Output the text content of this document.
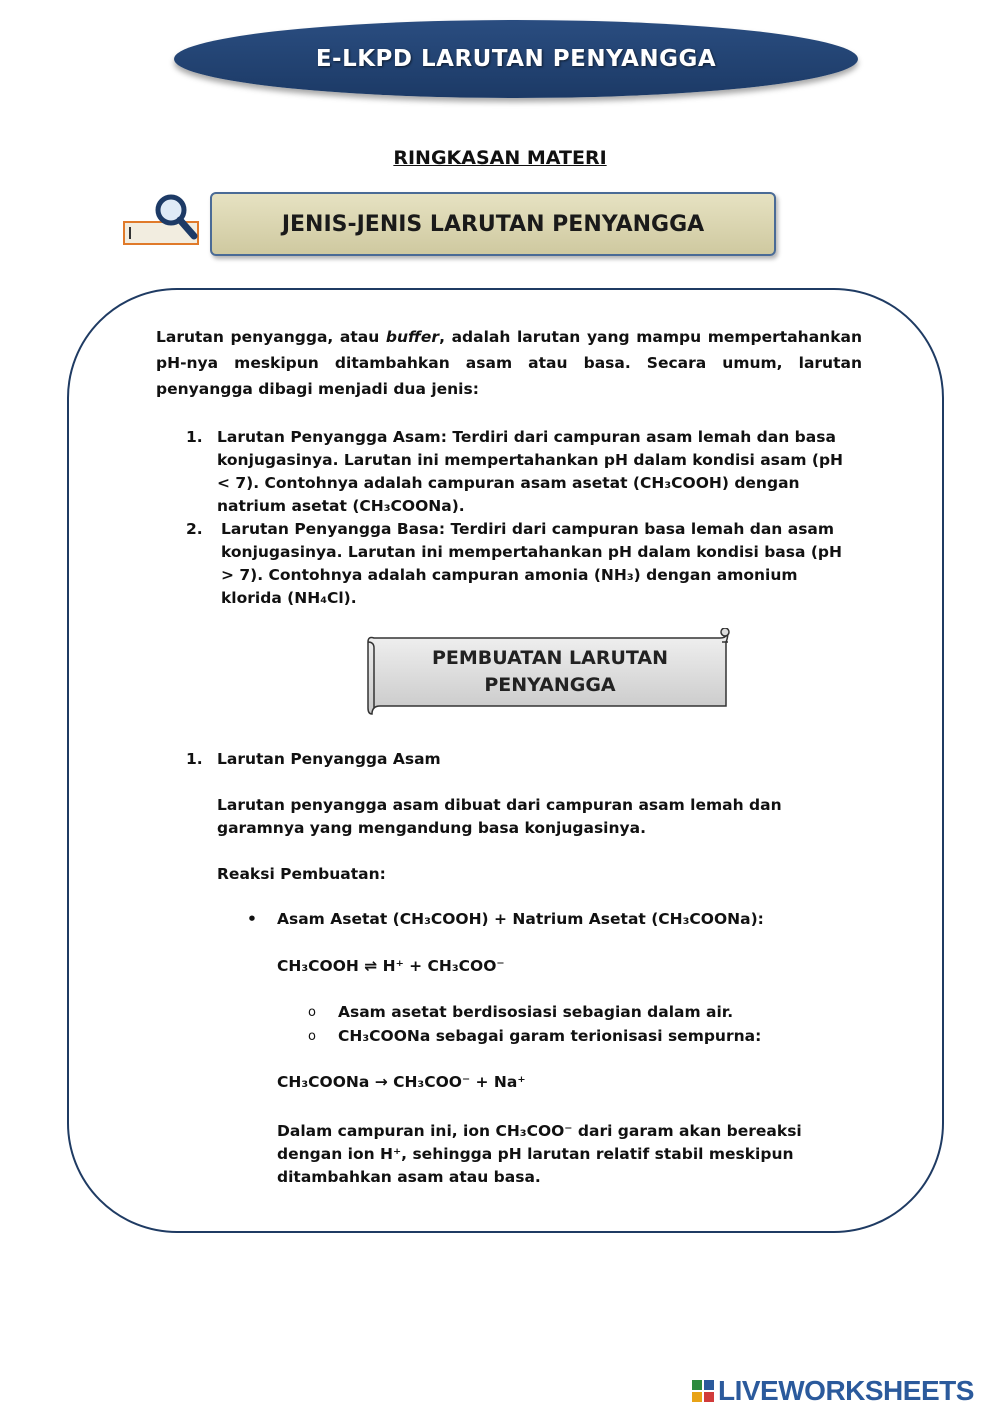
E-LKPD LARUTAN PENYANGGA
RINGKASAN MATERI
JENIS-JENIS LARUTAN PENYANGGA
Larutan penyangga, atau buffer, adalah larutan yang mampu mempertahankan pH-nya meskipun ditambahkan asam atau basa. Secara umum, larutan penyangga dibagi menjadi dua jenis:
1. Larutan Penyangga Asam: Terdiri dari campuran asam lemah dan basa konjugasinya. Larutan ini mempertahankan pH dalam kondisi asam (pH < 7). Contohnya adalah campuran asam asetat (CH₃COOH) dengan natrium asetat (CH₃COONa).
2. Larutan Penyangga Basa: Terdiri dari campuran basa lemah dan asam konjugasinya. Larutan ini mempertahankan pH dalam kondisi basa (pH > 7). Contohnya adalah campuran amonia (NH₃) dengan amonium klorida (NH₄Cl).
PEMBUATAN LARUTAN
PENYANGGA
1. Larutan Penyangga Asam
Larutan penyangga asam dibuat dari campuran asam lemah dan garamnya yang mengandung basa konjugasinya.
Reaksi Pembuatan:
• Asam Asetat (CH₃COOH) + Natrium Asetat (CH₃COONa):
CH₃COOH ⇌ H⁺ + CH₃COO⁻
o Asam asetat berdisosiasi sebagian dalam air.
o CH₃COONa sebagai garam terionisasi sempurna:
CH₃COONa → CH₃COO⁻ + Na⁺
Dalam campuran ini, ion CH₃COO⁻ dari garam akan bereaksi dengan ion H⁺, sehingga pH larutan relatif stabil meskipun ditambahkan asam atau basa.
LIVEWORKSHEETS
